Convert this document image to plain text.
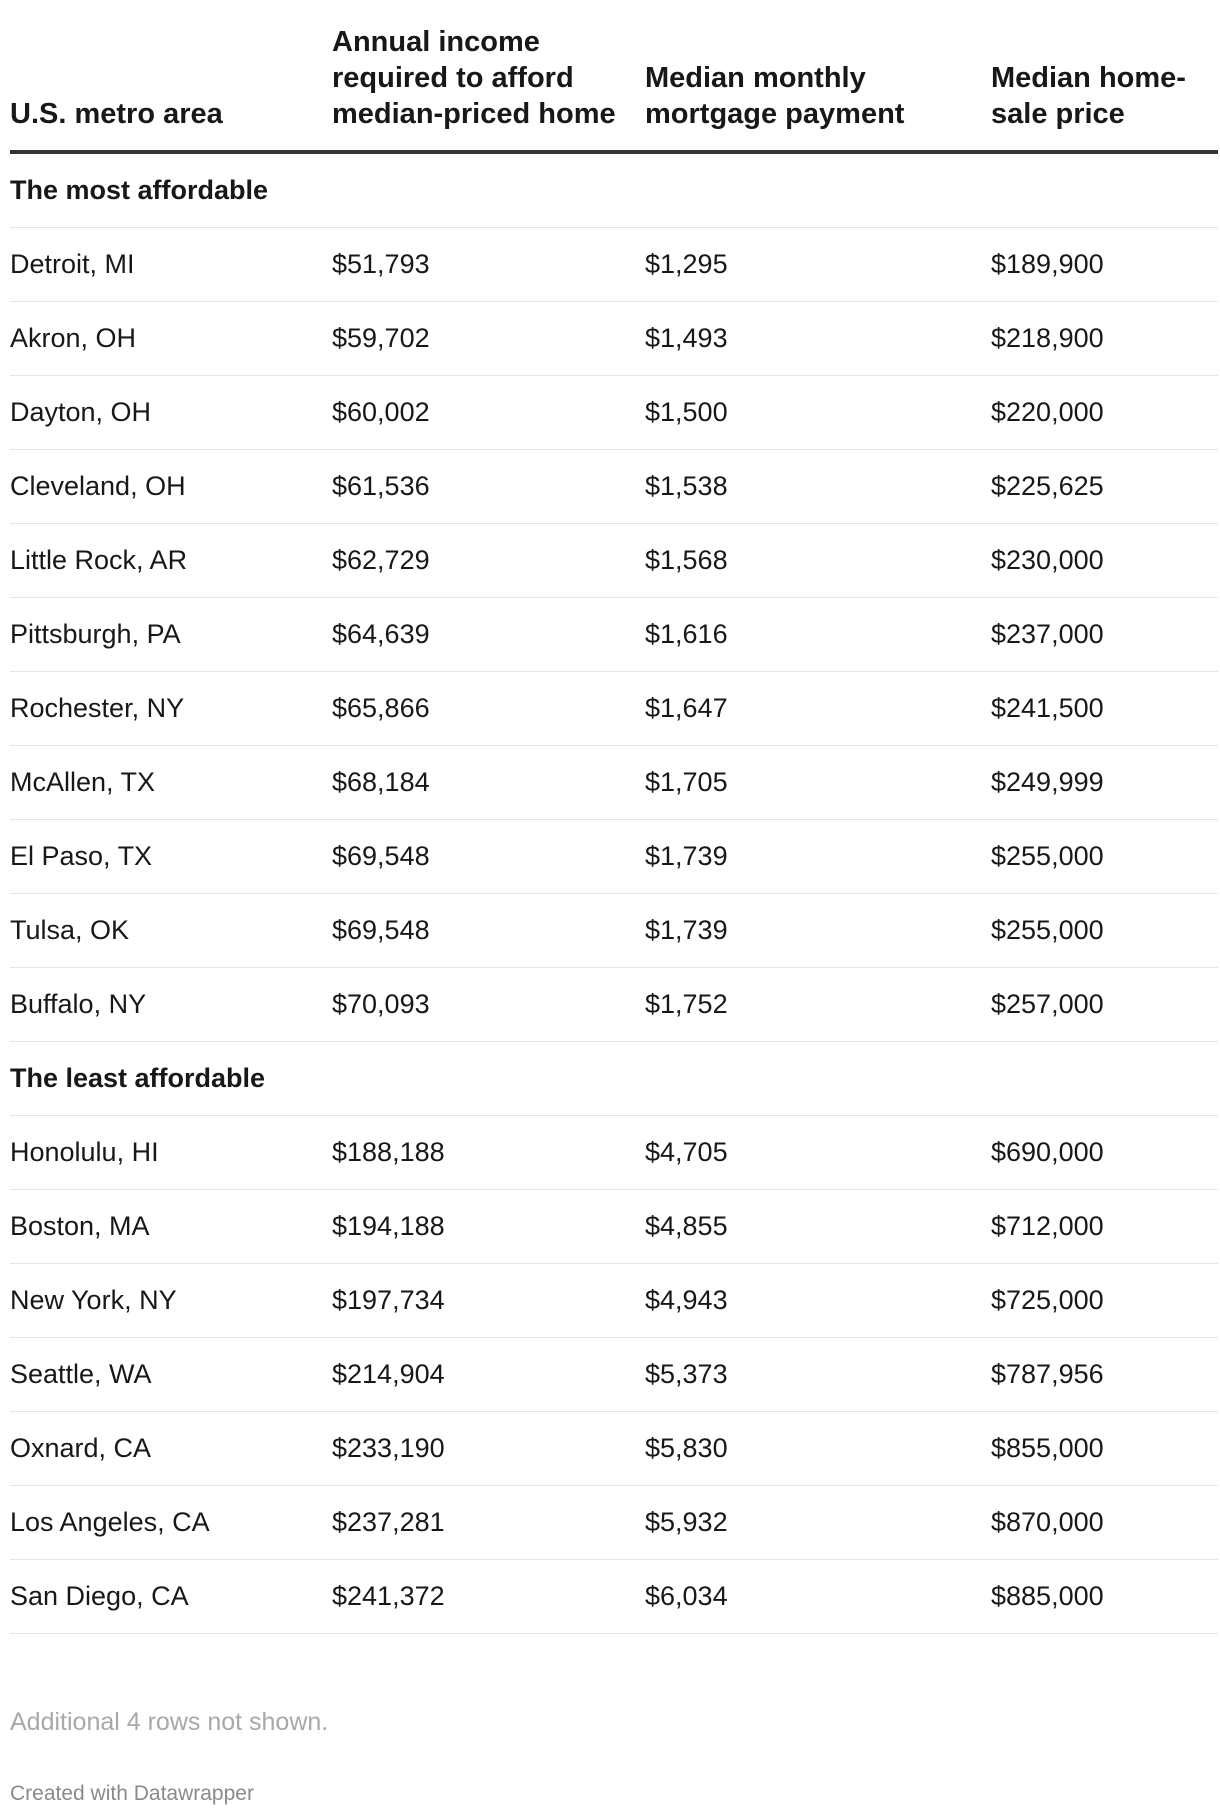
U.S. metro area	Annual income required to afford median-priced home	Median monthly mortgage payment	Median home-sale price

The most affordable			
Detroit, MI	$51,793	$1,295	$189,900
Akron, OH	$59,702	$1,493	$218,900
Dayton, OH	$60,002	$1,500	$220,000
Cleveland, OH	$61,536	$1,538	$225,625
Little Rock, AR	$62,729	$1,568	$230,000
Pittsburgh, PA	$64,639	$1,616	$237,000
Rochester, NY	$65,866	$1,647	$241,500
McAllen, TX	$68,184	$1,705	$249,999
El Paso, TX	$69,548	$1,739	$255,000
Tulsa, OK	$69,548	$1,739	$255,000
Buffalo, NY	$70,093	$1,752	$257,000
The least affordable			
Honolulu, HI	$188,188	$4,705	$690,000
Boston, MA	$194,188	$4,855	$712,000
New York, NY	$197,734	$4,943	$725,000
Seattle, WA	$214,904	$5,373	$787,956
Oxnard, CA	$233,190	$5,830	$855,000
Los Angeles, CA	$237,281	$5,932	$870,000
San Diego, CA	$241,372	$6,034	$885,000
Additional 4 rows not shown.
Created with Datawrapper
